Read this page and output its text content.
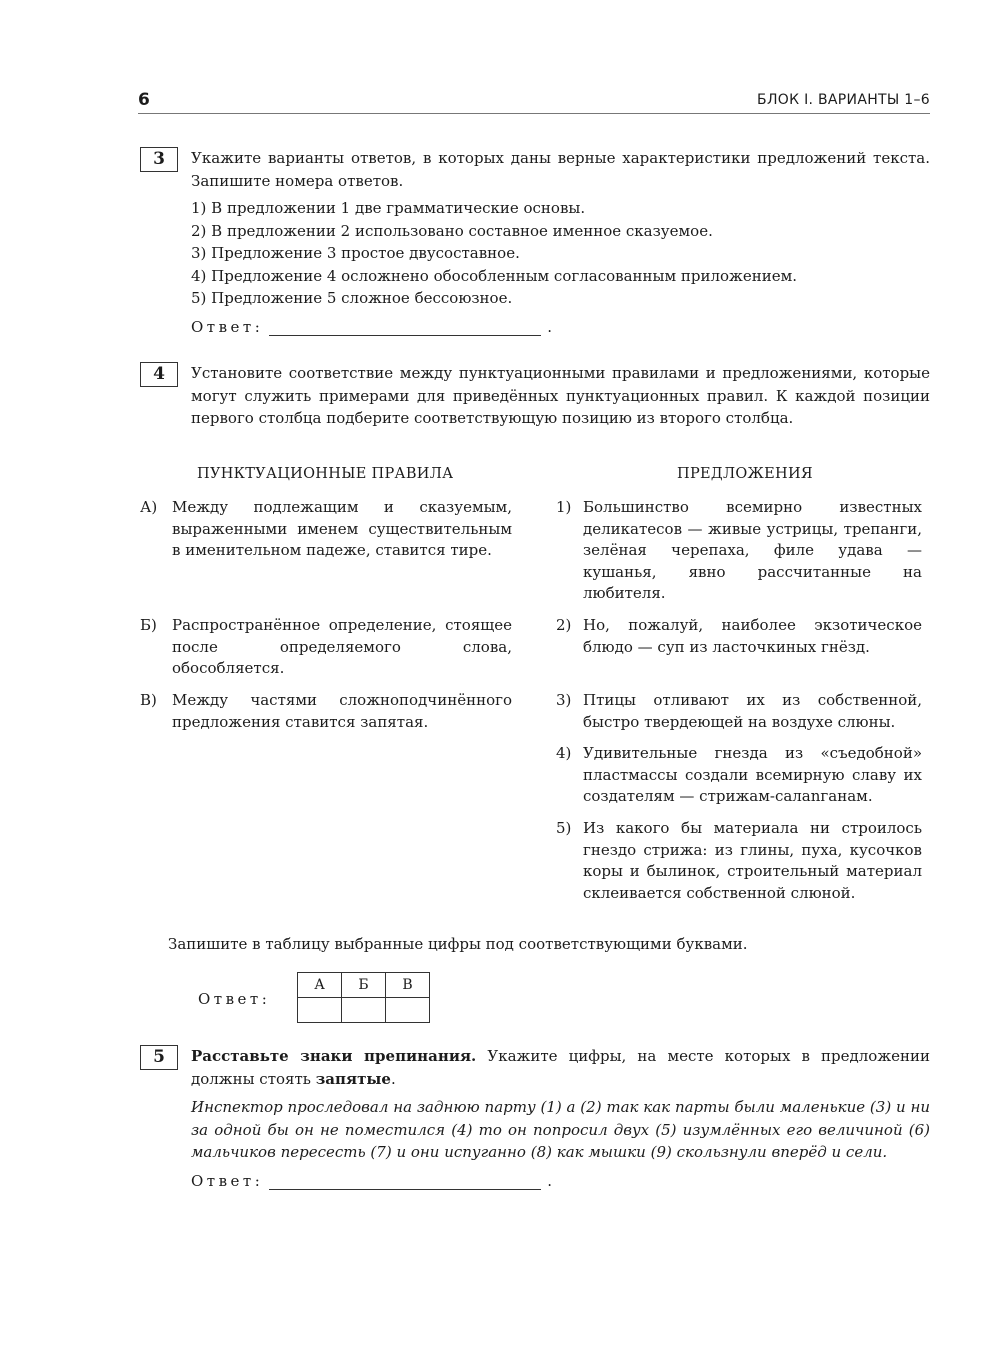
6	БЛОК I. ВАРИАНТЫ 1–6
3	Укажите варианты ответов, в которых даны верные характеристики предложений текста. Запишите номера ответов.

1) В предложении 1 две грамматические основы.
2) В предложении 2 использовано составное именное сказуемое.
3) Предложение 3 простое двусоставное.
4) Предложение 4 осложнено обособленным согласованным приложением.
5) Предложение 5 сложное бессоюзное.
Ответ:	.
4	Установите соответствие между пунктуационными правилами и предложениями, которые могут служить примерами для приведённых пунктуационных правил. К каждой позиции первого столбца подберите соответствующую позицию из второго столбца.

ПУНКТУАЦИОННЫЕ ПРАВИЛА	ПРЕДЛОЖЕНИЯ
А) Между подлежащим и сказуемым, выраженными именем существительным в именительном падеже, ставится тире.
Б)	Распространённое определение, стоящее после определяемого слова, обособляется.
В)	Между частями сложноподчинённого предложения ставится запятая.
1) Большинство всемирно известных деликатесов — живые устрицы, трепанги, зелёная черепаха, филе удава — кушанья, явно рассчитанные на любителя.
2) Но, пожалуй, наиболее экзотическое блюдо — суп из ласточкиных гнёзд.
3) Птицы отливают их из собственной, быстро твердеющей на воздухе слюны.
4) Удивительные гнезда из «съедобной» пластмассы создали всемирную славу их создателям — стрижам-салanганам.
5) Из какого бы материала ни строилось гнездо стрижа: из глины, пуха, кусочков коры и былинок, строительный материал склеивается собственной слюной.
Запишите в таблицу выбранные цифры под соответствующими буквами.
Ответ:
А	Б	В

5	Расставьте знаки препинания. Укажите цифры, на месте которых в предложении должны стоять запятые.

Инспектор проследовал на заднюю парту (1) а (2) так как парты были маленькие (3) и ни за одной бы он не поместился (4) то он попросил двух (5) изумлённых его величиной (6) мальчиков пересесть (7) и они испуганно (8) как мышки (9) скользнули вперёд и сели.
Ответ:	.
